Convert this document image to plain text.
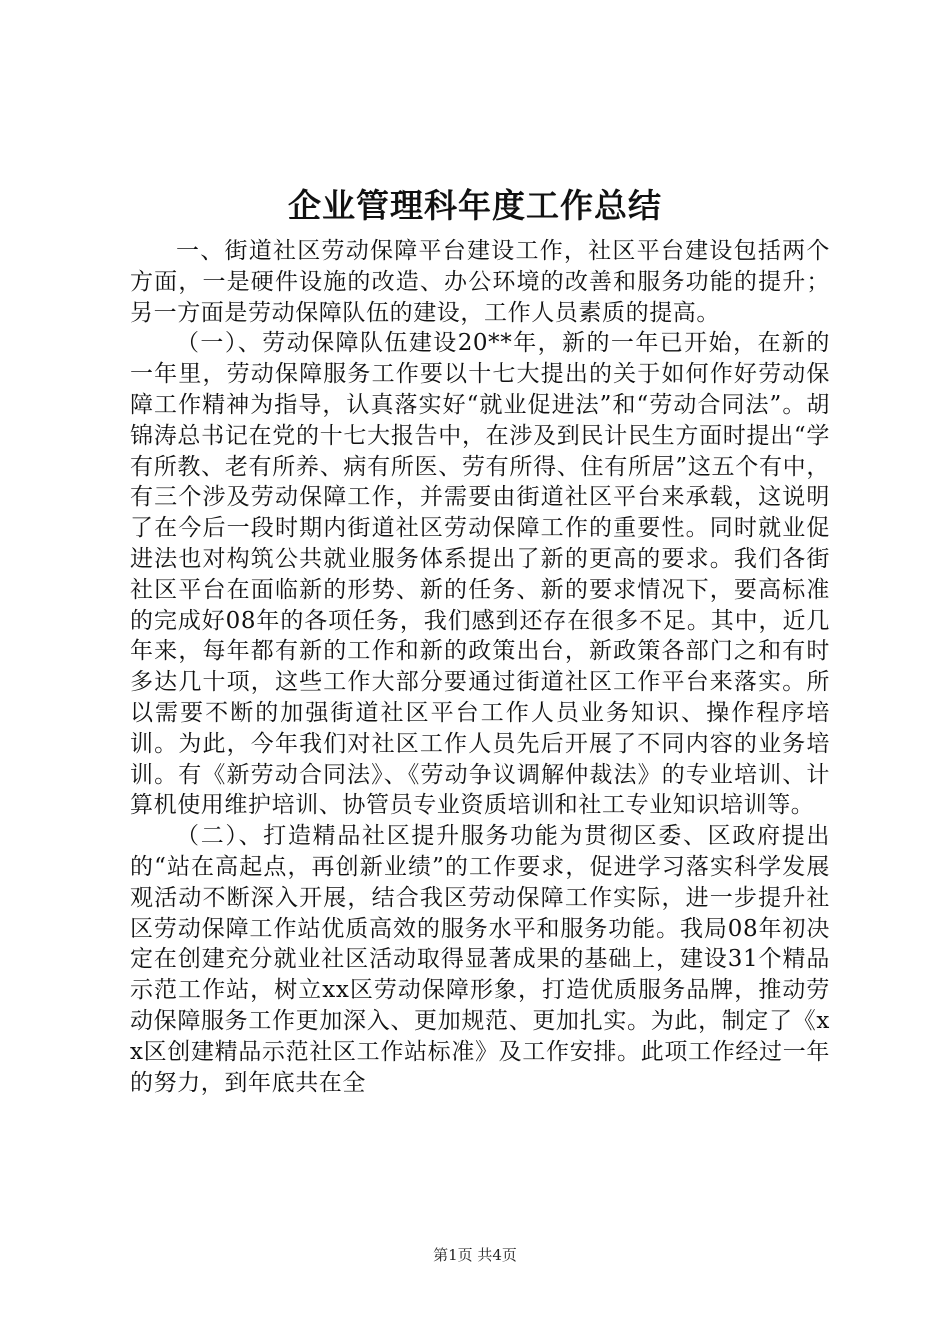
企业管理科年度工作总结

一、街道社区劳动保障平台建设工作，社区平台建设包括两个方面，一是硬件设施的改造、办公环境的改善和服务功能的提升；另一方面是劳动保障队伍的建设，工作人员素质的提高。

（一）、劳动保障队伍建设20**年，新的一年已开始，在新的一年里，劳动保障服务工作要以十七大提出的关于如何作好劳动保障工作精神为指导，认真落实好“就业促进法”和“劳动合同法”。胡锦涛总书记在党的十七大报告中，在涉及到民计民生方面时提出“学有所教、老有所养、病有所医、劳有所得、住有所居”这五个有中，有三个涉及劳动保障工作，并需要由街道社区平台来承载，这说明了在今后一段时期内街道社区劳动保障工作的重要性。同时就业促进法也对构筑公共就业服务体系提出了新的更高的要求。我们各街社区平台在面临新的形势、新的任务、新的要求情况下，要高标准的完成好08年的各项任务，我们感到还存在很多不足。其中，近几年来，每年都有新的工作和新的政策出台，新政策各部门之和有时多达几十项，这些工作大部分要通过街道社区工作平台来落实。所以需要不断的加强街道社区平台工作人员业务知识、操作程序培训。为此，今年我们对社区工作人员先后开展了不同内容的业务培训。有《新劳动合同法》、《劳动争议调解仲裁法》的专业培训、计算机使用维护培训、协管员专业资质培训和社工专业知识培训等。

（二）、打造精品社区提升服务功能为贯彻区委、区政府提出的“站在高起点，再创新业绩”的工作要求，促进学习落实科学发展观活动不断深入开展，结合我区劳动保障工作实际，进一步提升社区劳动保障工作站优质高效的服务水平和服务功能。我局08年初决定在创建充分就业社区活动取得显著成果的基础上，建设31个精品示范工作站，树立xx区劳动保障形象，打造优质服务品牌，推动劳动保障服务工作更加深入、更加规范、更加扎实。为此，制定了《xx区创建精品示范社区工作站标准》及工作安排。此项工作经过一年的努力，到年底共在全

第1页 共4页
